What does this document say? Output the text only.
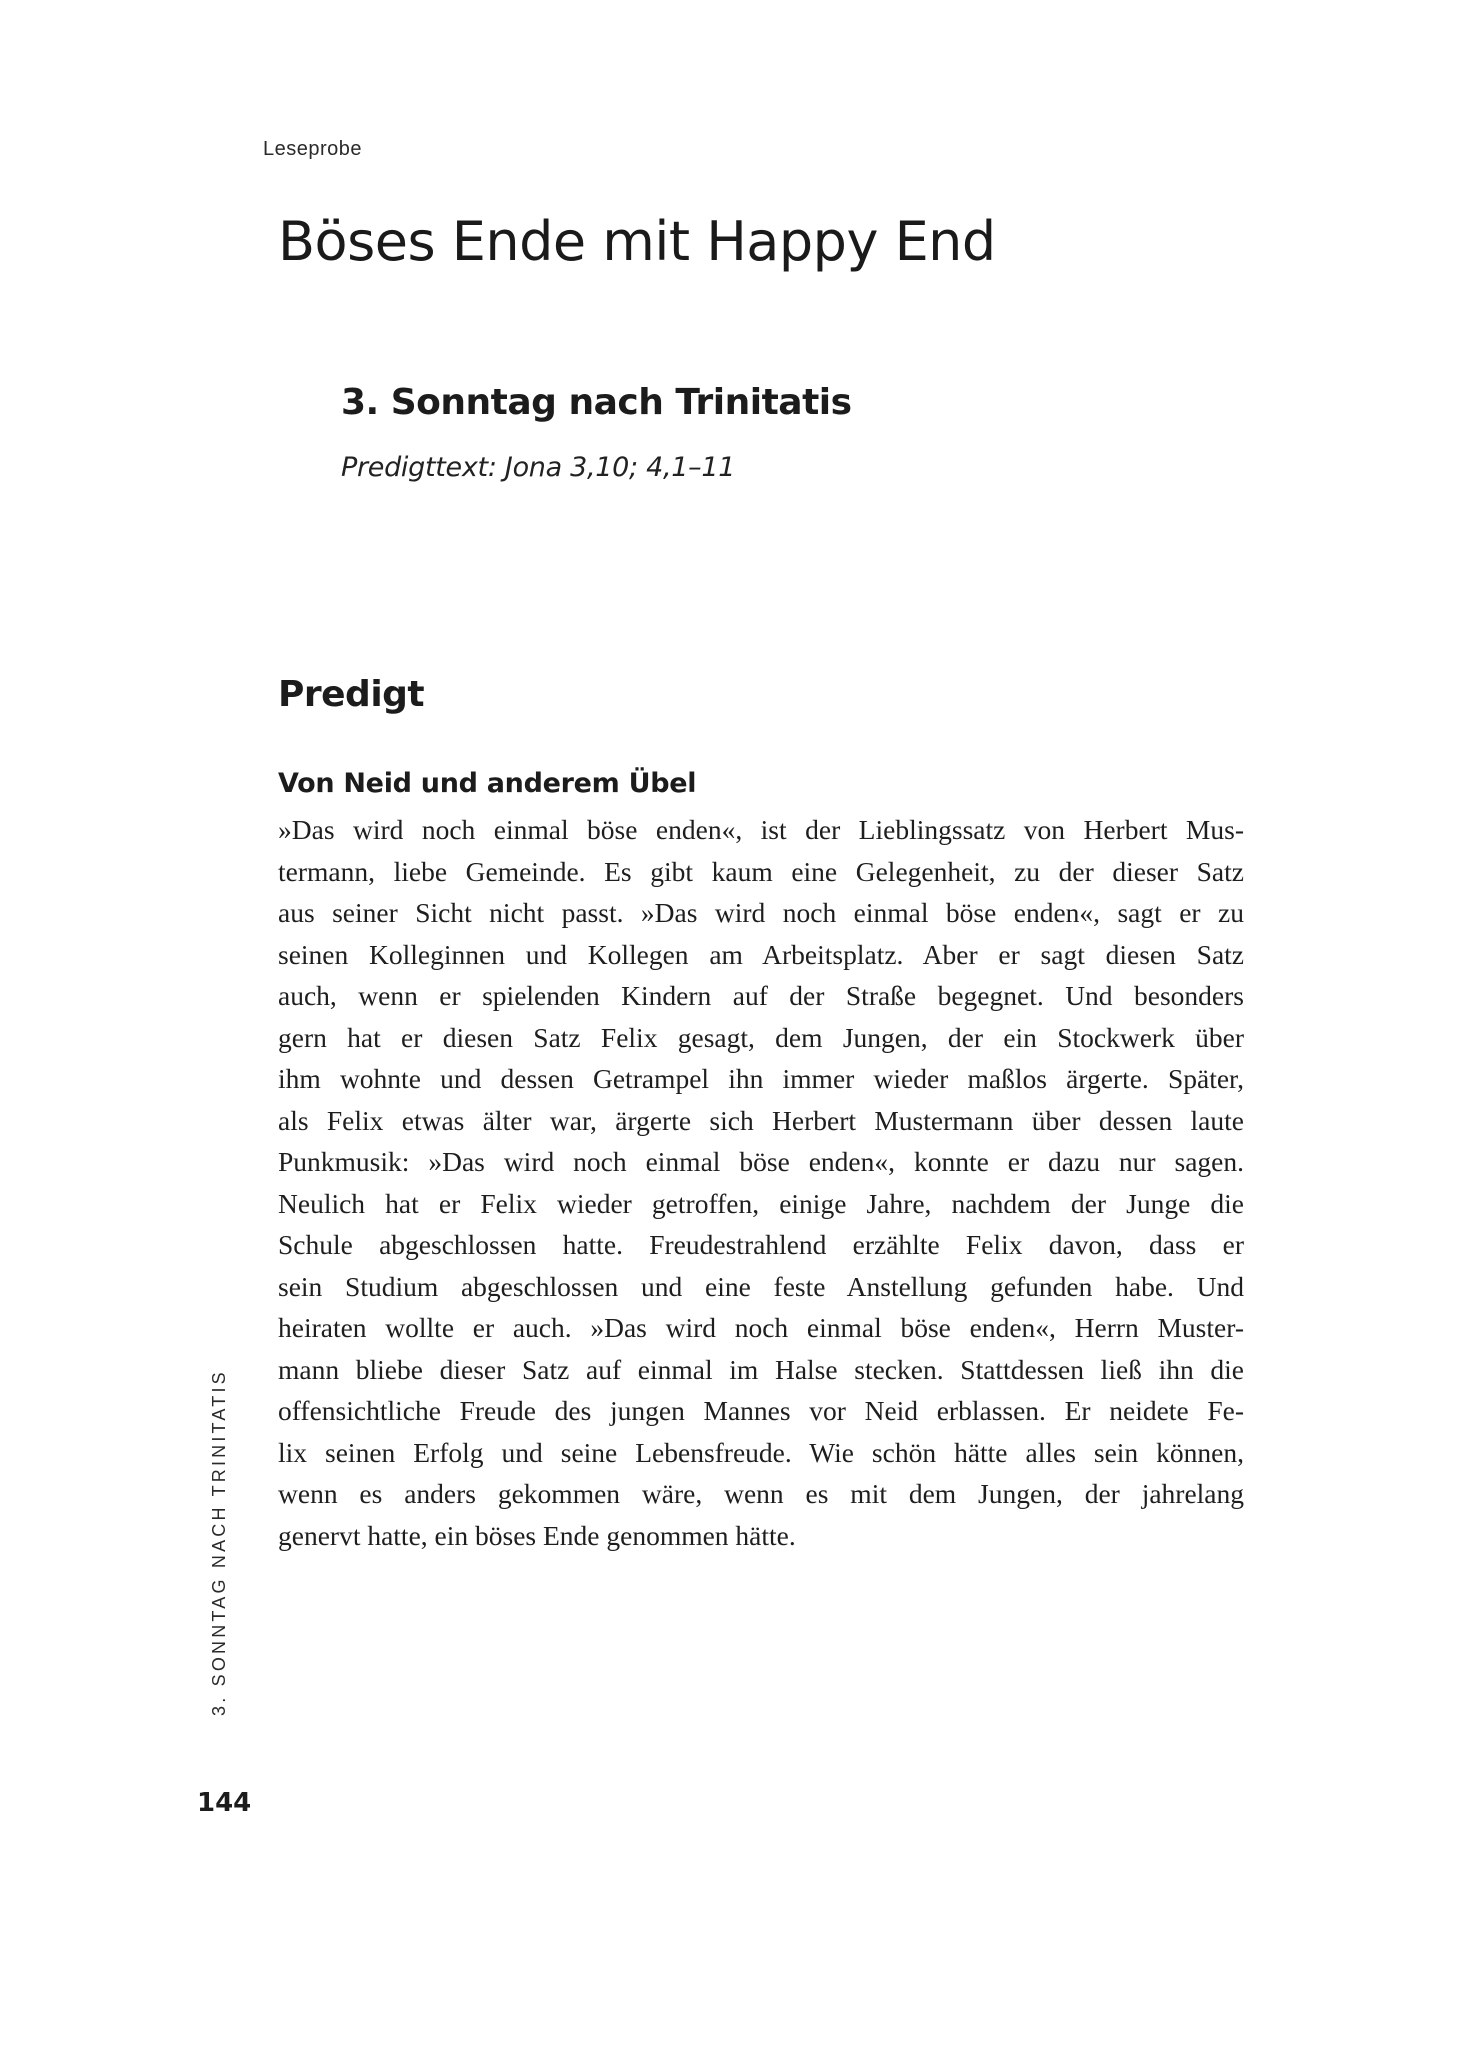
Leseprobe
Böses Ende mit Happy End
3. Sonntag nach Trinitatis
Predigttext: Jona 3,10; 4,1–11
Predigt
Von Neid und anderem Übel
»Das wird noch einmal böse enden«, ist der Lieblingssatz von Herbert Mus-
termann, liebe Gemeinde. Es gibt kaum eine Gelegenheit, zu der dieser Satz
aus seiner Sicht nicht passt. »Das wird noch einmal böse enden«, sagt er zu
seinen Kolleginnen und Kollegen am Arbeitsplatz. Aber er sagt diesen Satz
auch, wenn er spielenden Kindern auf der Straße begegnet. Und besonders
gern hat er diesen Satz Felix gesagt, dem Jungen, der ein Stockwerk über
ihm wohnte und dessen Getrampel ihn immer wieder maßlos ärgerte. Später,
als Felix etwas älter war, ärgerte sich Herbert Mustermann über dessen laute
Punkmusik: »Das wird noch einmal böse enden«, konnte er dazu nur sagen.
Neulich hat er Felix wieder getroffen, einige Jahre, nachdem der Junge die
Schule abgeschlossen hatte. Freudestrahlend erzählte Felix davon, dass er
sein Studium abgeschlossen und eine feste Anstellung gefunden habe. Und
heiraten wollte er auch. »Das wird noch einmal böse enden«, Herrn Muster-
mann bliebe dieser Satz auf einmal im Halse stecken. Stattdessen ließ ihn die
offensichtliche Freude des jungen Mannes vor Neid erblassen. Er neidete Fe-
lix seinen Erfolg und seine Lebensfreude. Wie schön hätte alles sein können,
wenn es anders gekommen wäre, wenn es mit dem Jungen, der jahrelang
genervt hatte, ein böses Ende genommen hätte.
3. SONNTAG NACH TRINITATIS
144
